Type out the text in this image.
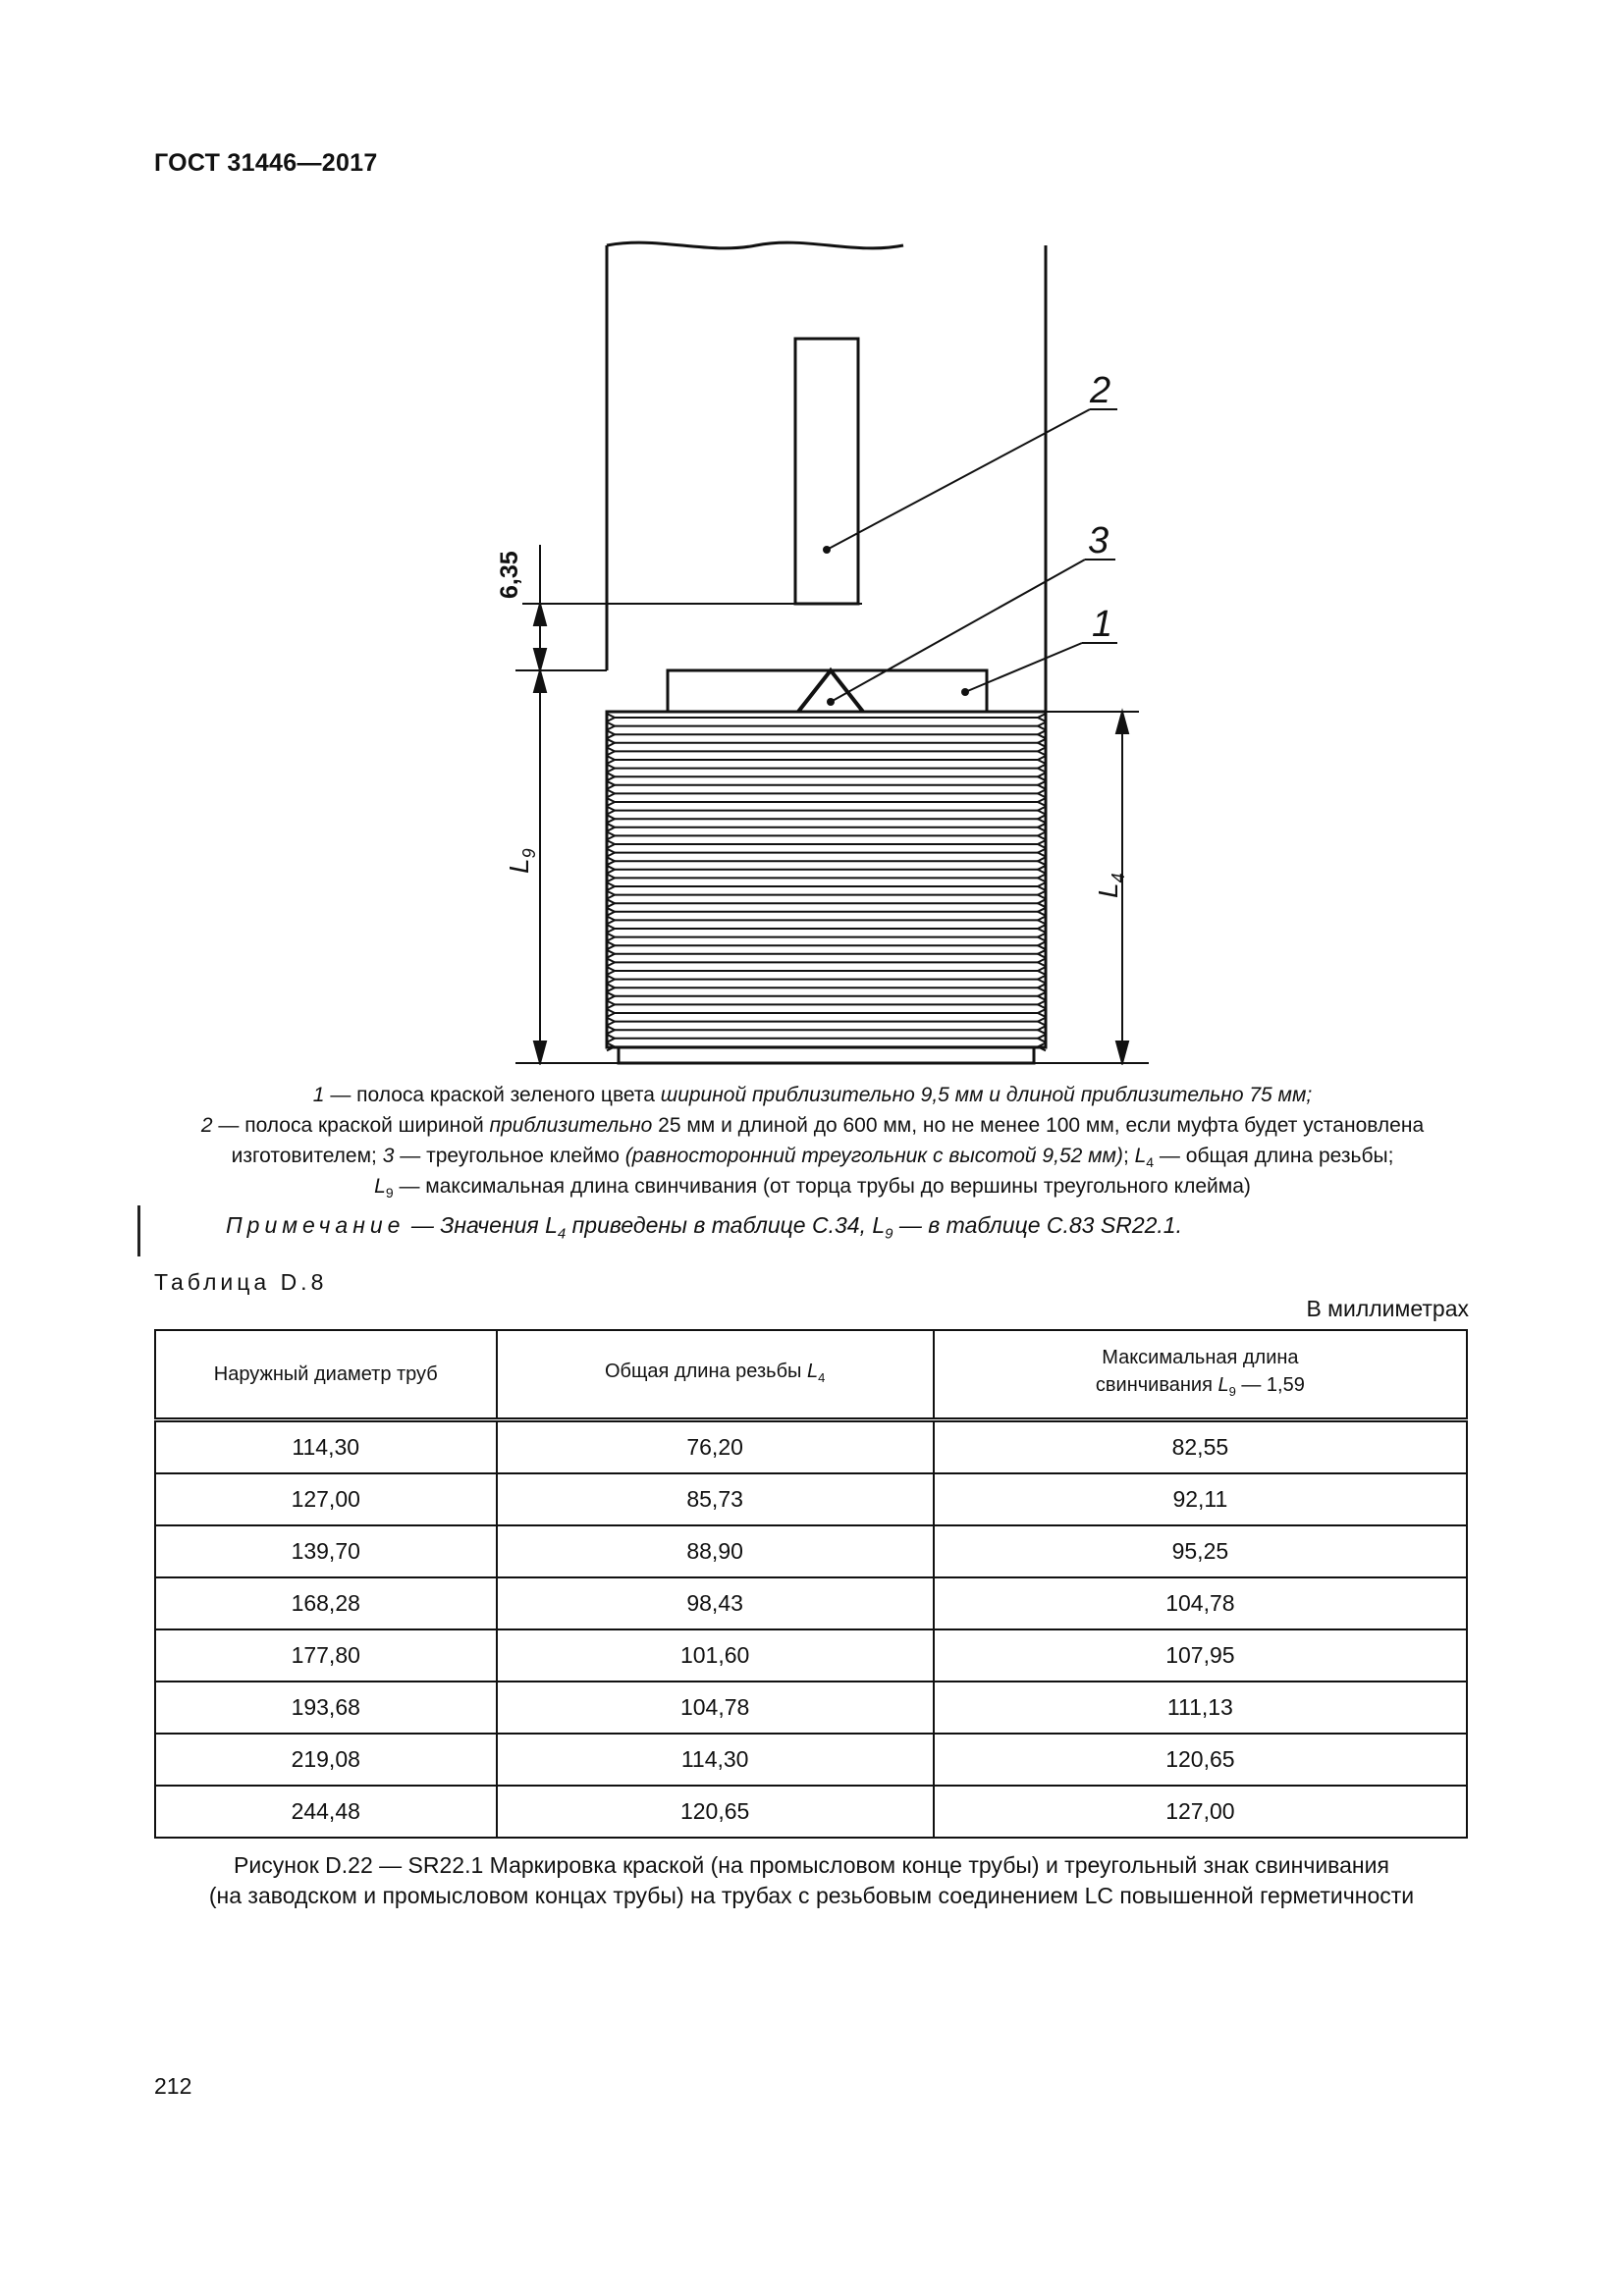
ГОСТ 31446—2017
2
3
1
6,35
$L_9$
$L_4$
1 — полоса краской зеленого цвета шириной приблизительно 9,5 мм и длиной приблизительно 75 мм;
2 — полоса краской шириной приблизительно 25 мм и длиной до 600 мм, но не менее 100 мм, если муфта будет установлена
изготовителем; 3 — треугольное клеймо (равносторонний треугольник с высотой 9,52 мм); $L_4$ — общая длина резьбы;
$L_9$ — максимальная длина свинчивания (от торца трубы до вершины треугольного клейма)
Примечание — Значения $L_4$ приведены в таблице С.34, $L_9$ — в таблице С.83 SR22.1.
Таблица D.8
В миллиметрах
Наружный диаметр труб	Общая длина резьбы $L_4$	Максимальная длина
свинчивания $L_9$ — 1,59
114,30	76,20	82,55
127,00	85,73	92,11
139,70	88,90	95,25
168,28	98,43	104,78
177,80	101,60	107,95
193,68	104,78	111,13
219,08	114,30	120,65
244,48	120,65	127,00
Рисунок D.22 — SR22.1 Маркировка краской (на промысловом конце трубы) и треугольный знак свинчивания
(на заводском и промысловом концах трубы) на трубах с резьбовым соединением LC повышенной герметичности
212
